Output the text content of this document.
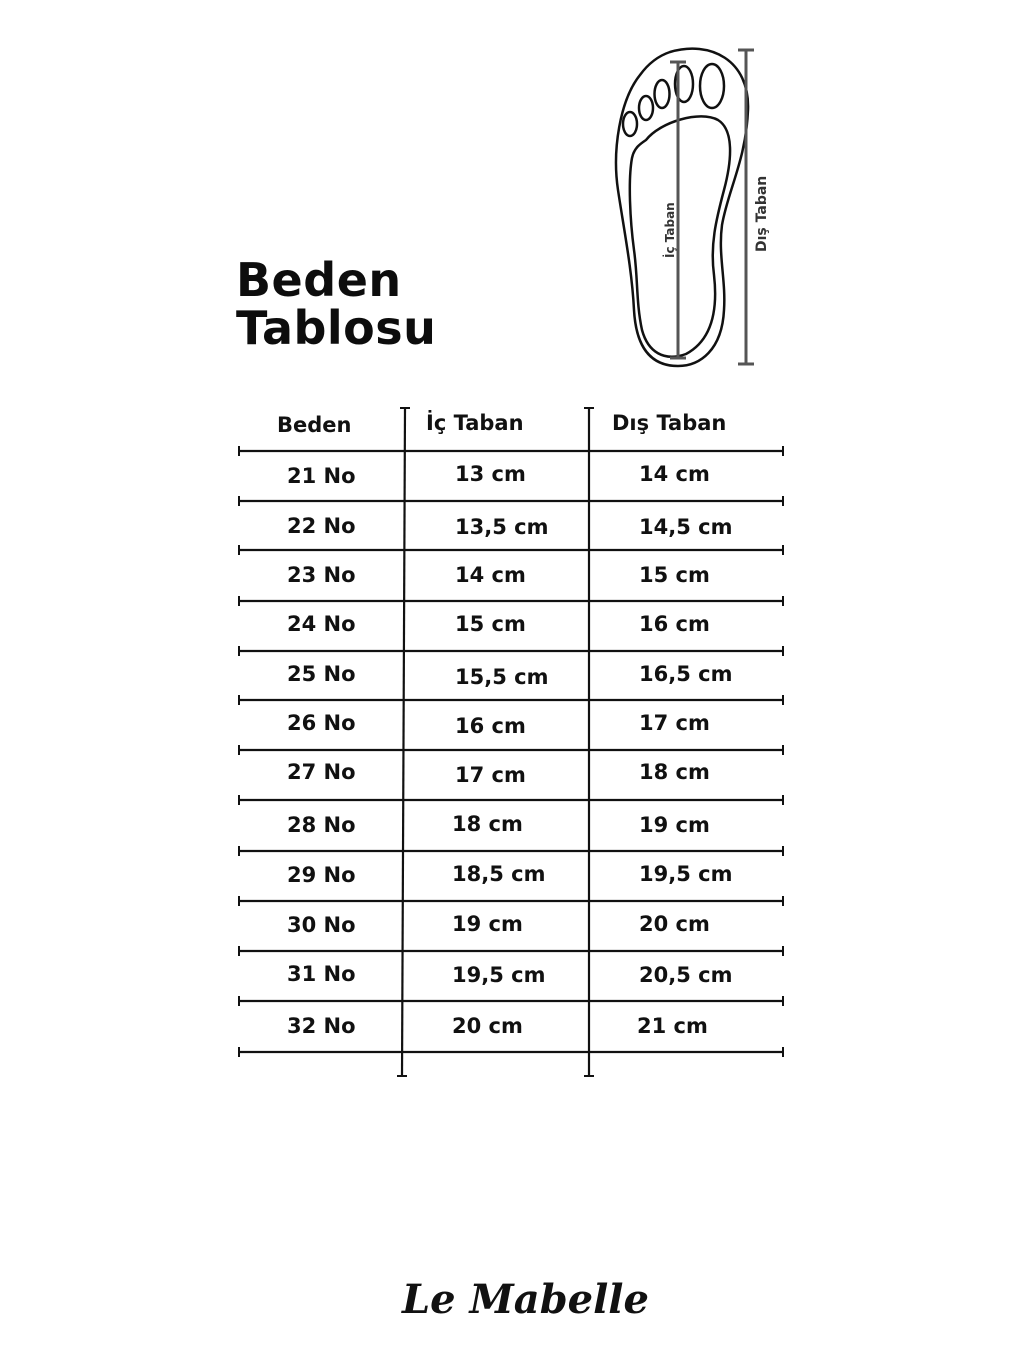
Beden
Tablosu
İç Taban	Dış Taban
Beden	İç Taban	Dış Taban
21 No	13 cm	14 cm
22 No	13,5 cm	14,5 cm
23 No	14 cm	15 cm
24 No	15 cm	16 cm
25 No	15,5 cm	16,5 cm
26 No	16 cm	17 cm
27 No	17 cm	18 cm
28 No	18 cm	19 cm
29 No	18,5 cm	19,5 cm
30 No	19 cm	20 cm
31 No	19,5 cm	20,5 cm
32 No	20 cm	21 cm
Le Mabelle
